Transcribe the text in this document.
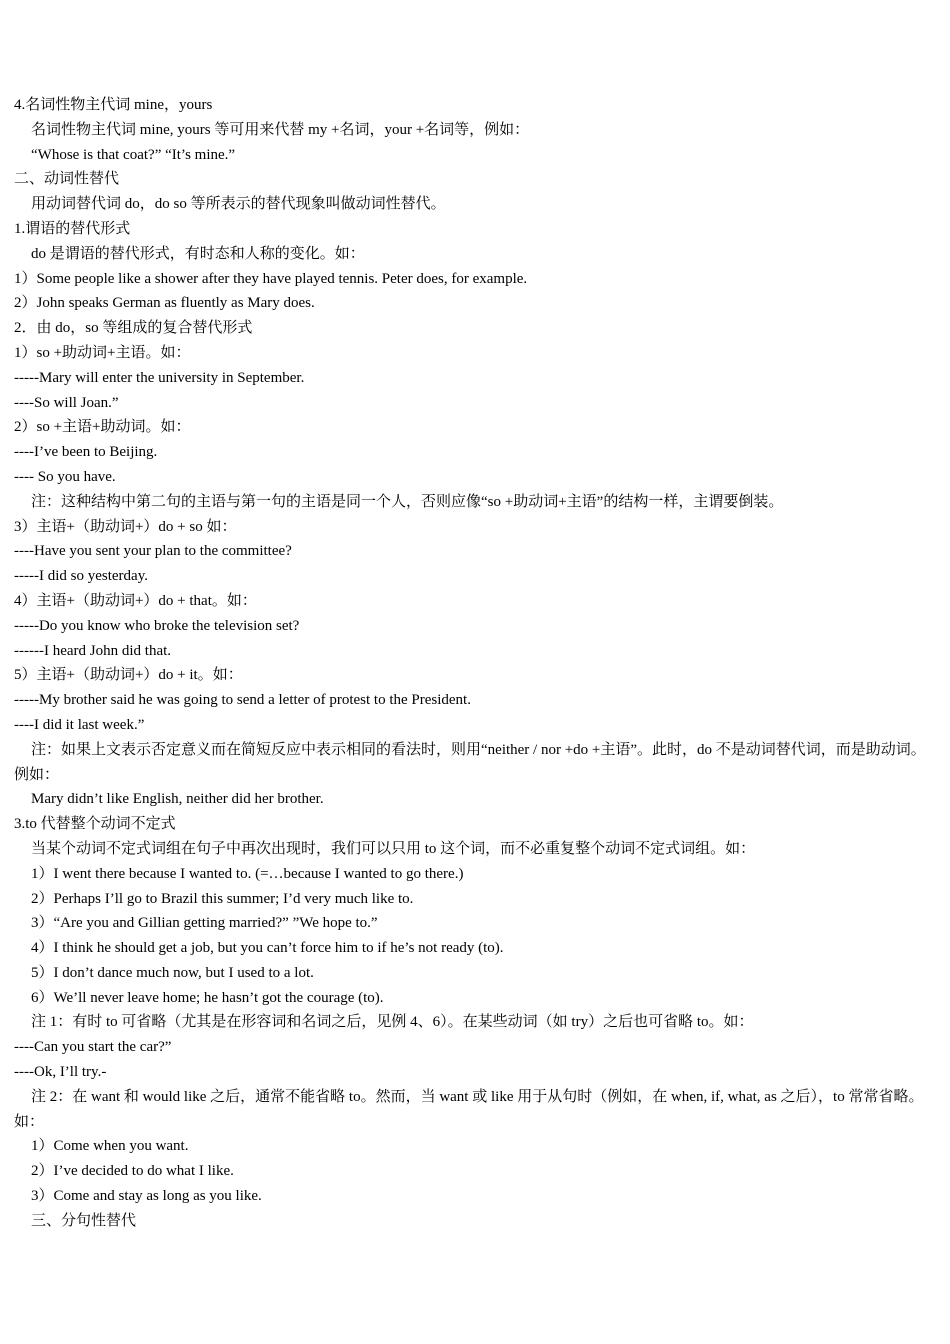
4.名词性物主代词 mine，yours
名词性物主代词 mine, yours 等可用来代替 my +名词，your +名词等，例如：
“Whose is that coat?” “It’s mine.”
二、动词性替代
用动词替代词 do，do so 等所表示的替代现象叫做动词性替代。
1.谓语的替代形式
do 是谓语的替代形式，有时态和人称的变化。如：
1）Some people like a shower after they have played tennis. Peter does, for example.
2）John speaks German as fluently as Mary does.
2．由 do，so 等组成的复合替代形式
1）so +助动词+主语。如：
-----Mary will enter the university in September.
----So will Joan.”
2）so +主语+助动词。如：
----I’ve been to Beijing.
---- So you have.
注：这种结构中第二句的主语与第一句的主语是同一个人，否则应像“so +助动词+主语”的结构一样，主谓要倒装。
3）主语+（助动词+）do + so 如：
----Have you sent your plan to the committee?
-----I did so yesterday.
4）主语+（助动词+）do + that。如：
-----Do you know who broke the television set?
------I heard John did that.
5）主语+（助动词+）do + it。如：
-----My brother said he was going to send a letter of protest to the President.
----I did it last week.”
注：如果上文表示否定意义而在简短反应中表示相同的看法时，则用“neither / nor +do +主语”。此时，do 不是动词替代词，而是助动词。例如：
Mary didn’t like English, neither did her brother.
3.to 代替整个动词不定式
当某个动词不定式词组在句子中再次出现时，我们可以只用 to 这个词，而不必重复整个动词不定式词组。如：
1）I went there because I wanted to. (=…because I wanted to go there.)
2）Perhaps I’ll go to Brazil this summer; I’d very much like to.
3）“Are you and Gillian getting married?” ”We hope to.”
4）I think he should get a job, but you can’t force him to if he’s not ready (to).
5）I don’t dance much now, but I used to a lot.
6）We’ll never leave home; he hasn’t got the courage (to).
注 1：有时 to 可省略（尤其是在形容词和名词之后，见例 4、6）。在某些动词（如 try）之后也可省略 to。如：
----Can you start the car?”
----Ok, I’ll try.-
注 2：在 want 和 would like 之后，通常不能省略 to。然而，当 want 或 like 用于从句时（例如，在 when, if, what, as 之后），to 常常省略。如：
1）Come when you want.
2）I’ve decided to do what I like.
3）Come and stay as long as you like.
三、分句性替代
